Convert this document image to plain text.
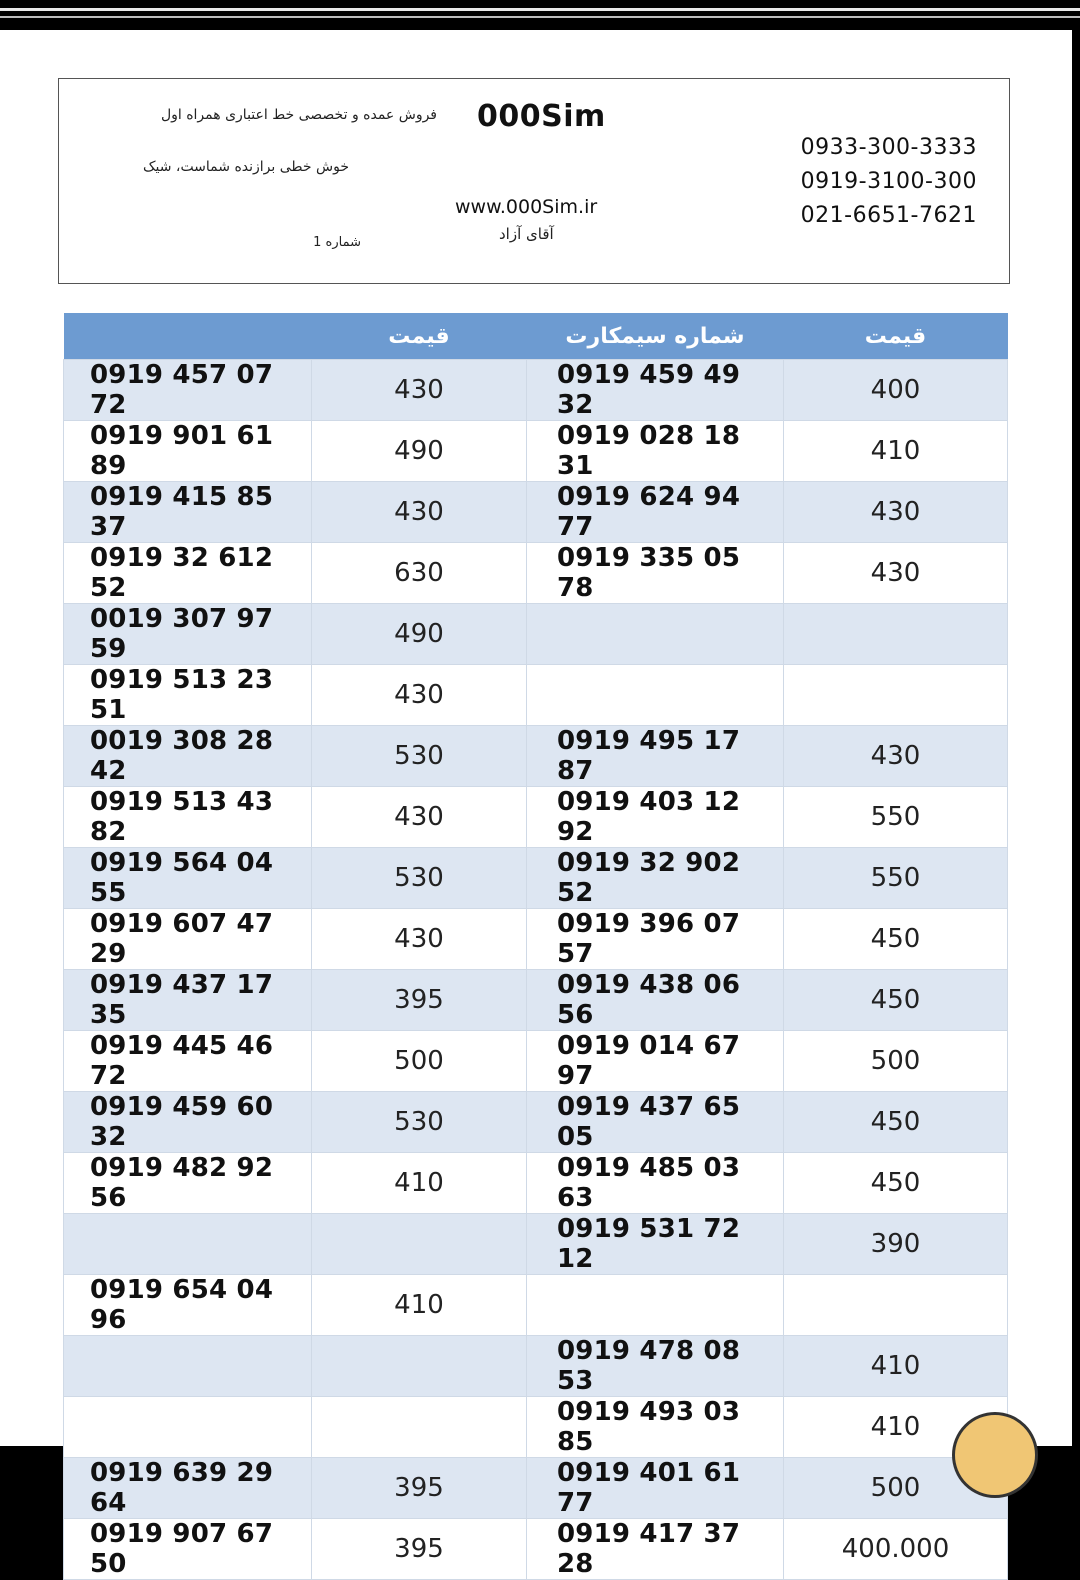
فروش عمده و تخصصی خط اعتباری همراه اول
خوش خطی برازنده شماست، شیک
شماره 1
000Sim
www.000Sim.ir
آقای آزاد
0933-300-3333
0919-3100-300
021-6651-7621
	قیمت	شماره سیمکارت	قیمت
0919 457 07 72	430	0919 459 49 32	400
0919 901 61 89	490	0919 028 18 31	410
0919 415 85 37	430	0919 624 94 77	430
0919 32 612 52	630	0919 335 05 78	430
0019 307 97 59	490		
0919 513 23 51	430		
0019 308 28 42	530	0919 495 17 87	430
0919 513 43 82	430	0919 403 12 92	550
0919 564 04 55	530	0919 32 902 52	550
0919 607 47 29	430	0919 396 07 57	450
0919 437 17 35	395	0919 438 06 56	450
0919 445 46 72	500	0919 014 67 97	500
0919 459 60 32	530	0919 437 65 05	450
0919 482 92 56	410	0919 485 03 63	450
		0919 531 72 12	390
0919 654 04 96	410		
		0919 478 08 53	410
		0919 493 03 85	410
0919 639 29 64	395	0919 401 61 77	500
0919 907 67 50	395	0919 417 37 28	400.000
